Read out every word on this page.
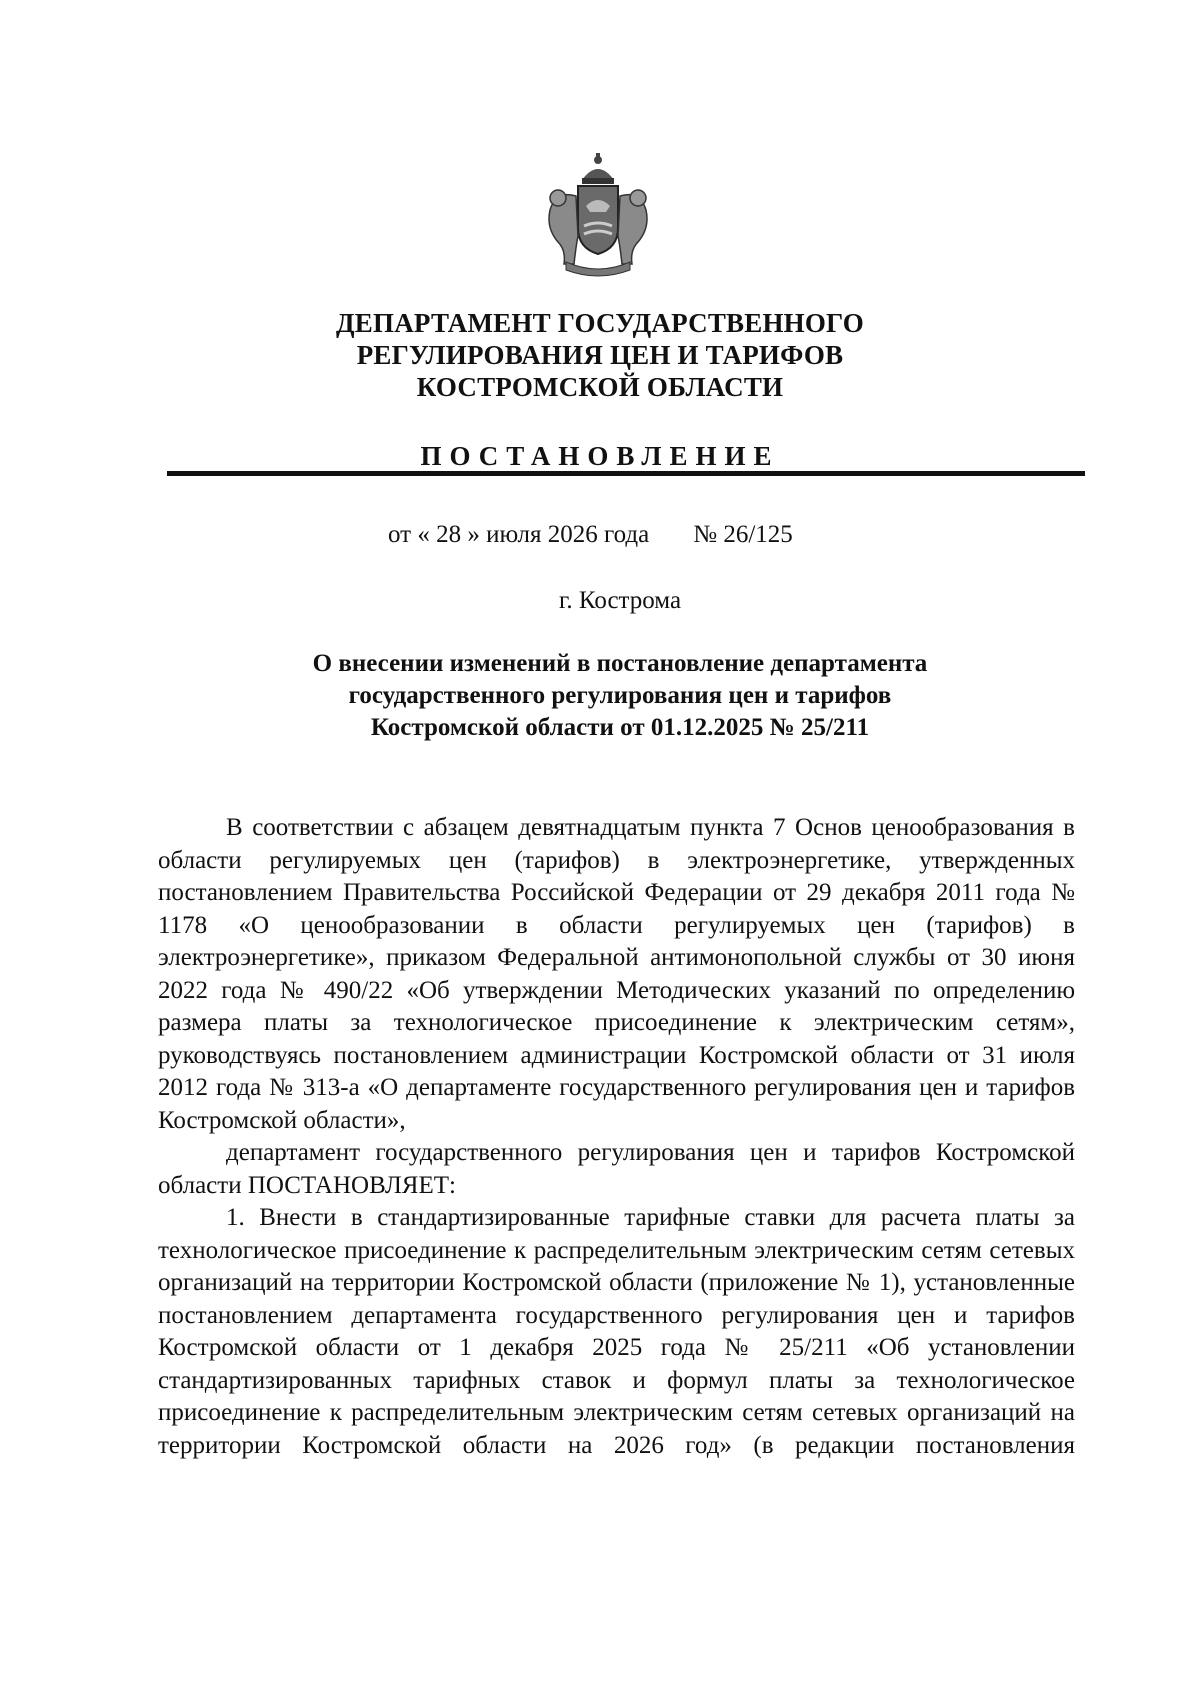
ДЕПАРТАМЕНТ ГОСУДАРСТВЕННОГО
РЕГУЛИРОВАНИЯ ЦЕН И ТАРИФОВ
КОСТРОМСКОЙ ОБЛАСТИ
ПОСТАНОВЛЕНИЕ
от « 28 » июля 2026 года № 26/125
г. Кострома
О внесении изменений в постановление департамента
государственного регулирования цен и тарифов
Костромской области от 01.12.2025 № 25/211

В соответствии с абзацем девятнадцатым пункта 7 Основ ценообразования в области регулируемых цен (тарифов) в электроэнергетике, утвержденных постановлением Правительства Российской Федерации от 29 декабря 2011 года № 1178 «О ценообразовании в области регулируемых цен (тарифов) в электроэнергетике», приказом Федеральной антимонопольной службы от 30 июня 2022 года № 490/22 «Об утверждении Методических указаний по определению размера платы за технологическое присоединение к электрическим сетям», руководствуясь постановлением администрации Костромской области от 31 июля 2012 года № 313-а «О департаменте государственного регулирования цен и тарифов Костромской области»,

департамент государственного регулирования цен и тарифов Костромской области ПОСТАНОВЛЯЕТ:

1. Внести в стандартизированные тарифные ставки для расчета платы за технологическое присоединение к распределительным электрическим сетям сетевых организаций на территории Костромской области (приложение № 1), установленные постановлением департамента государственного регулирования цен и тарифов Костромской области от 1 декабря 2025 года № 25/211 «Об установлении стандартизированных тарифных ставок и формул платы за технологическое присоединение к распределительным электрическим сетям сетевых организаций на территории Костромской области на 2026 год» (в редакции постановления
